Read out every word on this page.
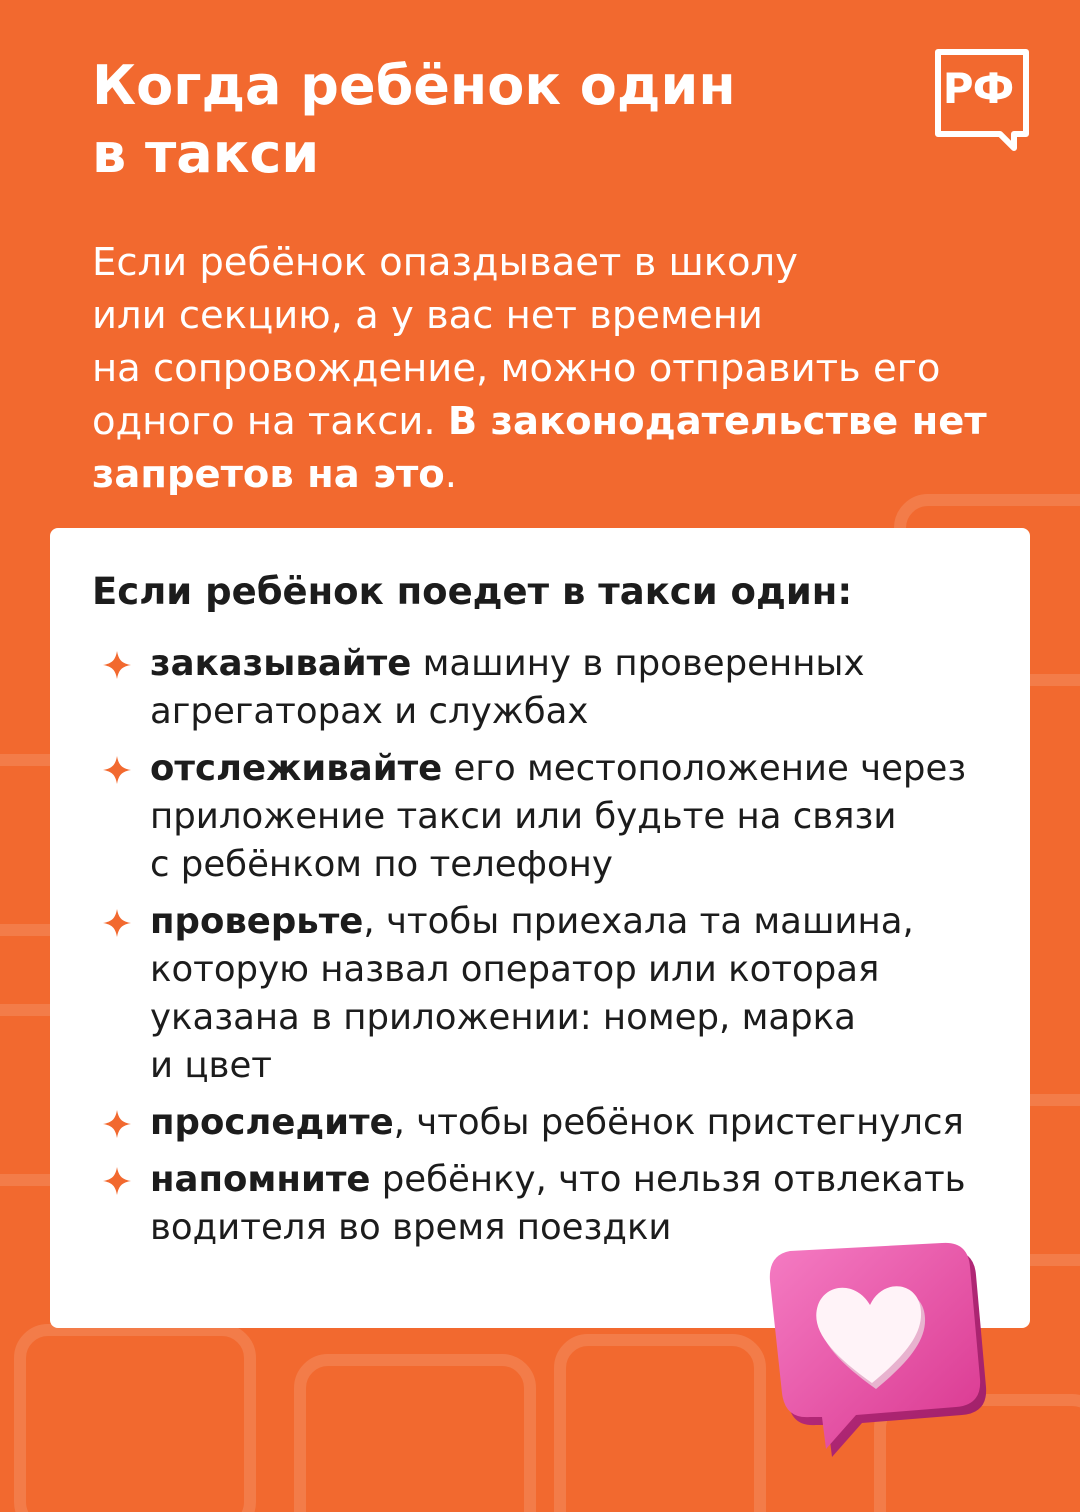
Когда ребёнок один
в такси
РФ
Если ребёнок опаздывает в школу
или секцию, а у вас нет времени
на сопровождение, можно отправить его
одного на такси. В законодательстве нет
запретов на это.
Если ребёнок поедет в такси один:
заказывайте машину в проверенных
агрегаторах и службах
отслеживайте его местоположение через
приложение такси или будьте на связи
с ребёнком по телефону
проверьте, чтобы приехала та машина,
которую назвал оператор или которая
указана в приложении: номер, марка
и цвет
проследите, чтобы ребёнок пристегнулся
напомните ребёнку, что нельзя отвлекать
водителя во время поездки
